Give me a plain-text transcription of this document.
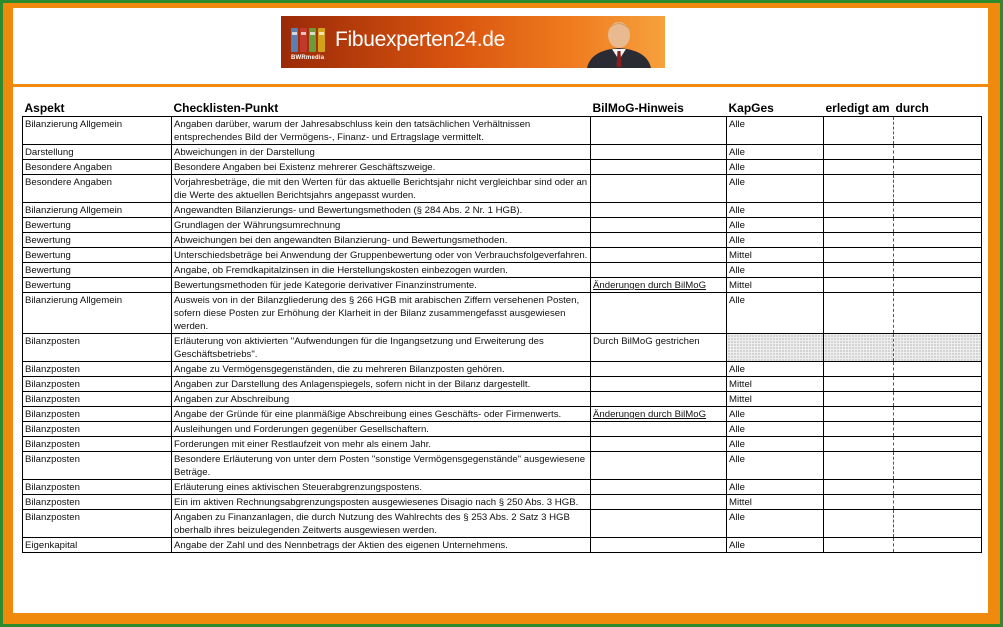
BWRmedia
Fibuexperten24.de
Aspekt	Checklisten-Punkt	BilMoG-Hinweis	KapGes	erledigt am	durch
Bilanzierung Allgemein	Angaben darüber, warum der Jahresabschluss kein den tatsächlichen Verhältnissen entsprechendes Bild der Vermögens-, Finanz- und Ertragslage vermittelt.		Alle		
Darstellung	Abweichungen in der Darstellung		Alle		
Besondere Angaben	Besondere Angaben bei Existenz mehrerer Geschäftszweige.		Alle		
Besondere Angaben	Vorjahresbeträge, die mit den Werten für das aktuelle Berichtsjahr nicht vergleichbar sind oder an die Werte des aktuellen Berichtsjahrs angepasst wurden.		Alle		
Bilanzierung Allgemein	Angewandten Bilanzierungs- und Bewertungsmethoden (§ 284 Abs. 2 Nr. 1 HGB).		Alle		
Bewertung	Grundlagen der Währungsumrechnung		Alle		
Bewertung	Abweichungen bei den angewandten Bilanzierung- und Bewertungsmethoden.		Alle		
Bewertung	Unterschiedsbeträge bei Anwendung der Gruppenbewertung oder von Verbrauchsfolgeverfahren.		Mittel		
Bewertung	Angabe, ob Fremdkapitalzinsen in die Herstellungskosten einbezogen wurden.		Alle		
Bewertung	Bewertungsmethoden für jede Kategorie derivativer Finanzinstrumente.	Änderungen durch BilMoG	Mittel		
Bilanzierung Allgemein	Ausweis von in der Bilanzgliederung des § 266 HGB mit arabischen Ziffern versehenen Posten, sofern diese Posten zur Erhöhung der Klarheit in der Bilanz zusammengefasst ausgewiesen werden.		Alle		
Bilanzposten	Erläuterung von aktivierten "Aufwendungen für die Ingangsetzung und Erweiterung des Geschäftsbetriebs".	Durch BilMoG gestrichen			
Bilanzposten	Angabe zu Vermögensgegenständen, die zu mehreren Bilanzposten gehören.		Alle		
Bilanzposten	Angaben zur Darstellung des Anlagenspiegels, sofern nicht in der Bilanz dargestellt.		Mittel		
Bilanzposten	Angaben zur Abschreibung		Mittel		
Bilanzposten	Angabe der Gründe für eine planmäßige Abschreibung eines Geschäfts- oder Firmenwerts.	Änderungen durch BilMoG	Alle		
Bilanzposten	Ausleihungen und Forderungen gegenüber Gesellschaftern.		Alle		
Bilanzposten	Forderungen mit einer Restlaufzeit von mehr als einem Jahr.		Alle		
Bilanzposten	Besondere Erläuterung von unter dem Posten "sonstige Vermögensgegenstände" ausgewiesene Beträge.		Alle		
Bilanzposten	Erläuterung eines aktivischen Steuerabgrenzungspostens.		Alle		
Bilanzposten	Ein im aktiven Rechnungsabgrenzungsposten ausgewiesenes Disagio nach § 250 Abs. 3 HGB.		Mittel		
Bilanzposten	Angaben zu Finanzanlagen, die durch Nutzung des Wahlrechts des § 253 Abs. 2 Satz 3 HGB oberhalb ihres beizulegenden Zeitwerts ausgewiesen werden.		Alle		
Eigenkapital	Angabe der Zahl und des Nennbetrags der Aktien des eigenen Unternehmens.		Alle		
